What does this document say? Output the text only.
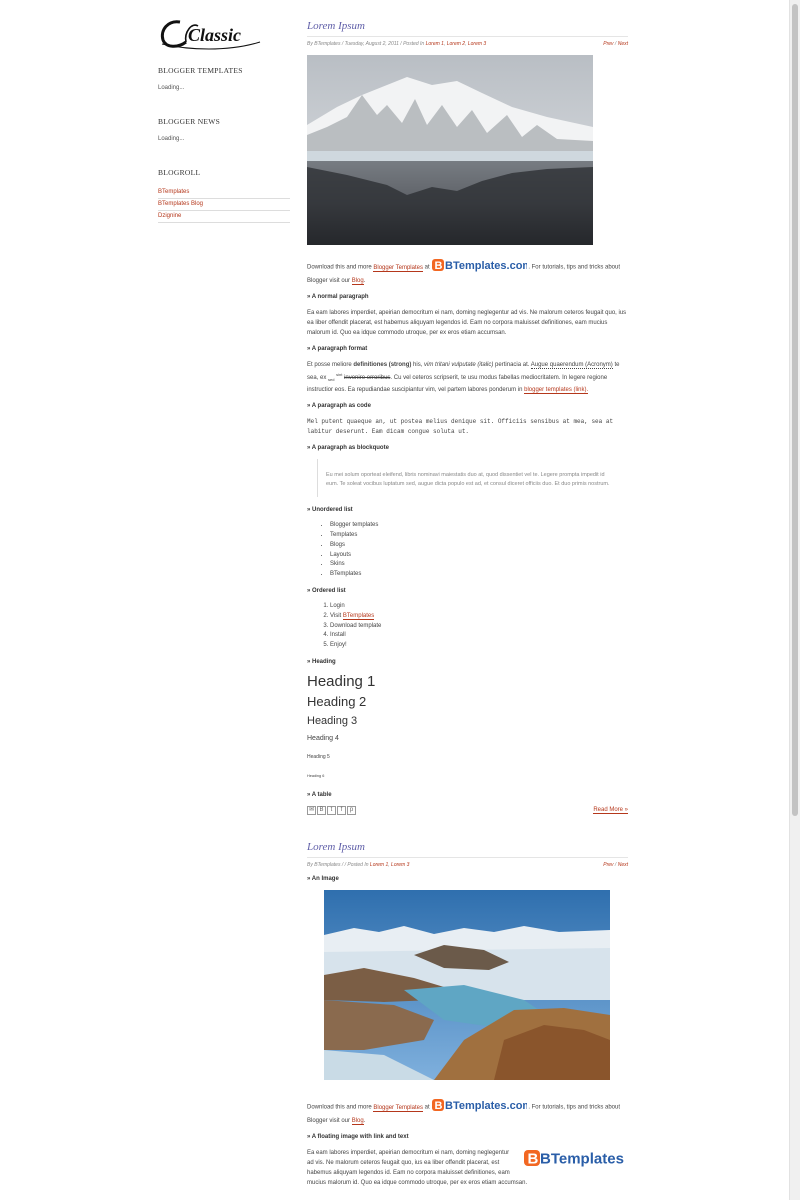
Classic
BLOGGER TEMPLATES
Loading...
BLOGGER NEWS
Loading...
BLOGROLL
BTemplates
BTemplates Blog
Dzignine
Lorem Ipsum
By BTemplates / Tuesday, August 2, 2011 / Posted In Lorem 1, Lorem 2, Lorem 3	Prev / Next

Download this and more Blogger Templates at B BTemplates.com
. For tutorials, tips and tricks about Blogger visit our Blog.

» A normal paragraph

Ea eam labores imperdiet, apeirian democritum ei nam, doming neglegentur ad vis. Ne malorum ceteros feugait quo, ius ea liber offendit placerat, est habemus aliquyam legendos id. Eam no corpora maluisset definitiones, eam mucius malorum id. Quo ea idque commodo utroque, per ex eros etiam accumsan.

» A paragraph format

Et posse meliore definitiones (strong) his, vim tritani vulputate (italic) pertinacia at. Augue quaerendum (Acronym) te sea, ex $_{sed}$ $^{sint}$ invenire erroribus. Cu vel ceteros scripserit, te usu modus fabellas mediocritatem. In legere regione instructior eos. Ea repudiandae suscipiantur vim, vel partem labores ponderum in blogger templates (link).

» A paragraph as code
Mel putent quaeque an, ut postea melius denique sit. Officiis sensibus at mea, sea at labitur deserunt. Eam dicam congue soluta ut.
» A paragraph as blockquote
Eu mei solum oporteat eleifend, libris nominavi maiestatis duo at, quod dissentiet vel te. Legere prompta impedit id eum. Te soleat vocibus luptatum sed, augue dicta populo est ad, et consul diceret officiis duo. Et duo primis nostrum.
» Unordered list
• Blogger templates
• Templates
• Blogs
• Layouts
• Skins
• BTemplates
» Ordered list
1. Login
2. Visit BTemplates
3. Download template
4. Install
5. Enjoy!
» Heading
Heading 1
Heading 2
Heading 3
Heading 4
Heading 5
Heading 6
» A table
✉ B	t	f	p	Read More »
Lorem Ipsum
By BTemplates / / Posted In Lorem 1, Lorem 3	Prev / Next
» An Image

Download this and more Blogger Templates at B BTemplates.com
. For tutorials, tips and tricks about Blogger visit our Blog.

» A floating image with link and text
B BTemplates

Ea eam labores imperdiet, apeirian democritum ei nam, doming neglegentur ad vis. Ne malorum ceteros feugait quo, ius ea liber offendit placerat, est habemus aliquyam legendos id. Eam no corpora maluisset definitiones, eam mucius malorum id. Quo ea idque commodo utroque, per ex eros etiam accumsan.
